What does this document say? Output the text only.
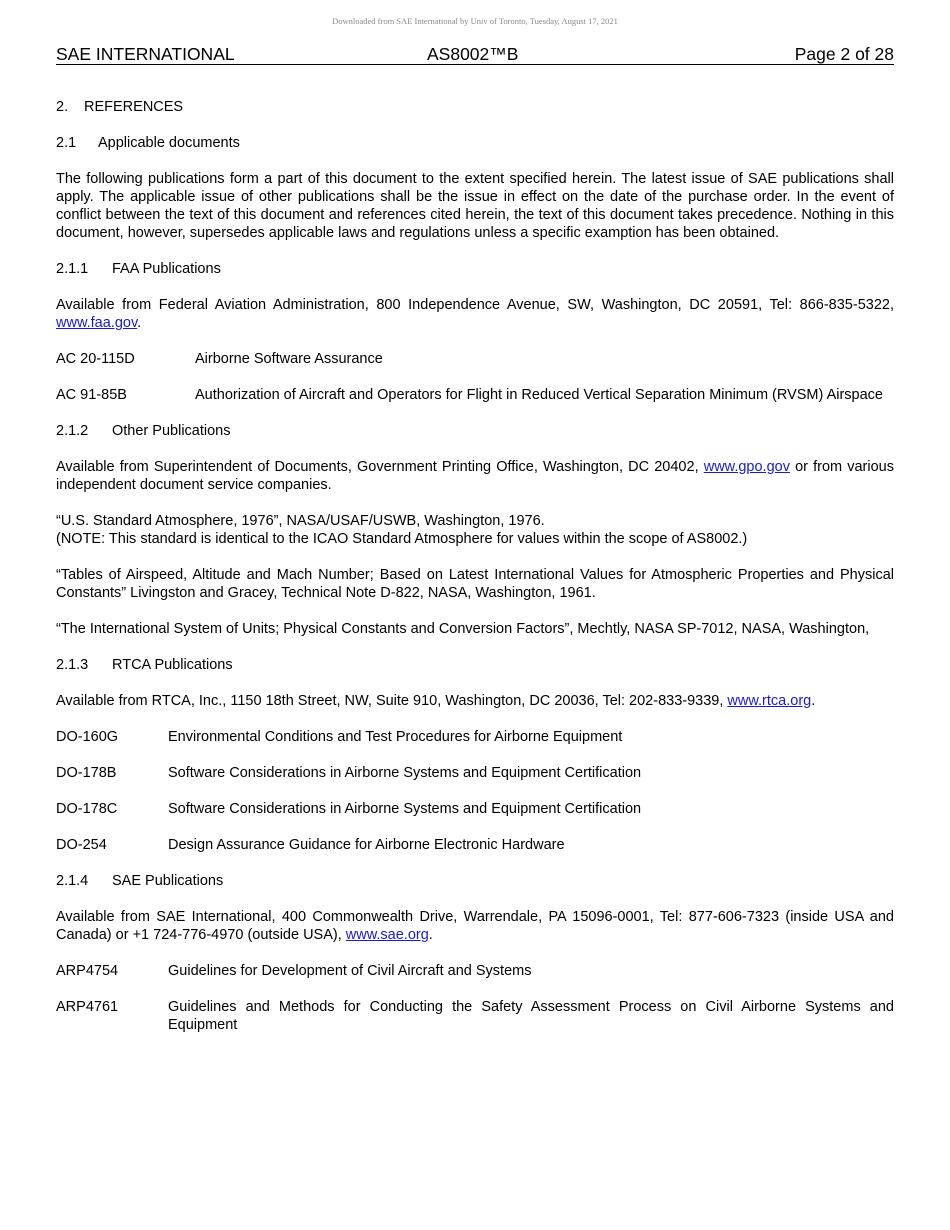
Downloaded from SAE International by Univ of Toronto, Tuesday, August 17, 2021
SAE INTERNATIONAL	AS8002™B	Page 2 of 28
2. REFERENCES
2.1 Applicable documents
The following publications form a part of this document to the extent specified herein. The latest issue of SAE publications shall apply. The applicable issue of other publications shall be the issue in effect on the date of the purchase order. In the event of conflict between the text of this document and references cited herein, the text of this document takes precedence. Nothing in this document, however, supersedes applicable laws and regulations unless a specific examption has been obtained.
2.1.1 FAA Publications
Available from Federal Aviation Administration, 800 Independence Avenue, SW, Washington, DC 20591, Tel: 866-835-5322, www.faa.gov.
AC 20-115D	Airborne Software Assurance
AC 91-85B	Authorization of Aircraft and Operators for Flight in Reduced Vertical Separation Minimum (RVSM) Airspace
2.1.2 Other Publications
Available from Superintendent of Documents, Government Printing Office, Washington, DC 20402, www.gpo.gov or from various independent document service companies.
“U.S. Standard Atmosphere, 1976”, NASA/USAF/USWB, Washington, 1976.
(NOTE: This standard is identical to the ICAO Standard Atmosphere for values within the scope of AS8002.)
“Tables of Airspeed, Altitude and Mach Number; Based on Latest International Values for Atmospheric Properties and Physical Constants” Livingston and Gracey, Technical Note D-822, NASA, Washington, 1961.
“The International System of Units; Physical Constants and Conversion Factors”, Mechtly, NASA SP-7012, NASA, Washington,
2.1.3 RTCA Publications
Available from RTCA, Inc., 1150 18th Street, NW, Suite 910, Washington, DC 20036, Tel: 202-833-9339, www.rtca.org.
DO-160G	Environmental Conditions and Test Procedures for Airborne Equipment
DO-178B	Software Considerations in Airborne Systems and Equipment Certification
DO-178C	Software Considerations in Airborne Systems and Equipment Certification
DO-254	Design Assurance Guidance for Airborne Electronic Hardware
2.1.4 SAE Publications
Available from SAE International, 400 Commonwealth Drive, Warrendale, PA 15096-0001, Tel: 877-606-7323 (inside USA and Canada) or +1 724-776-4970 (outside USA), www.sae.org.
ARP4754	Guidelines for Development of Civil Aircraft and Systems
ARP4761	Guidelines and Methods for Conducting the Safety Assessment Process on Civil Airborne Systems and Equipment
